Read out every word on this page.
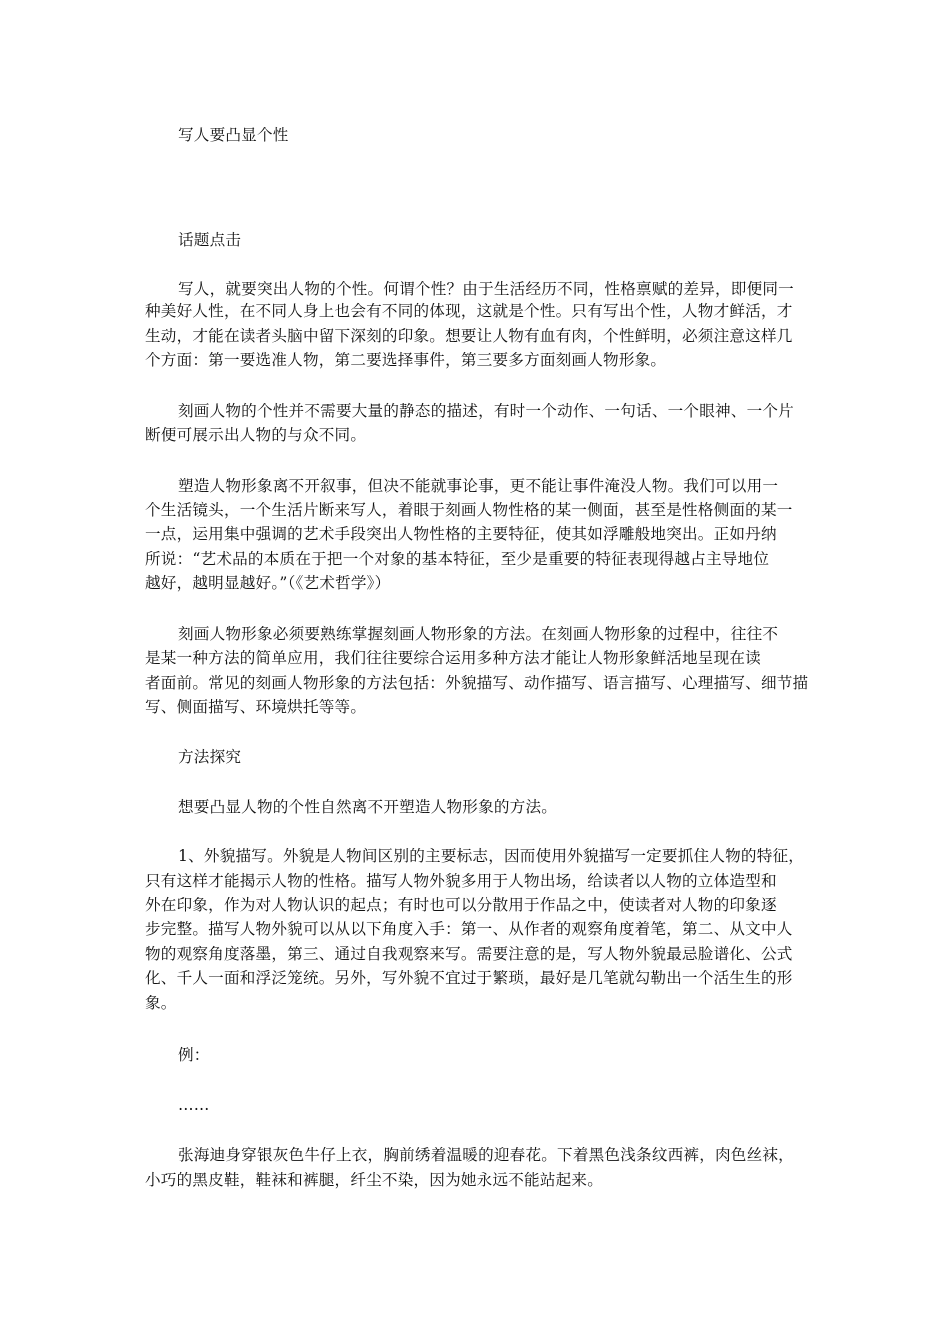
写人要凸显个性
话题点击
写人，就要突出人物的个性。何谓个性？由于生活经历不同，性格禀赋的差异，即便同一
种美好人性，在不同人身上也会有不同的体现，这就是个性。只有写出个性，人物才鲜活，才
生动，才能在读者头脑中留下深刻的印象。想要让人物有血有肉，个性鲜明，必须注意这样几
个方面：第一要选准人物，第二要选择事件，第三要多方面刻画人物形象。
刻画人物的个性并不需要大量的静态的描述，有时一个动作、一句话、一个眼神、一个片
断便可展示出人物的与众不同。
塑造人物形象离不开叙事，但决不能就事论事，更不能让事件淹没人物。我们可以用一
个生活镜头，一个生活片断来写人，着眼于刻画人物性格的某一侧面，甚至是性格侧面的某一
一点，运用集中强调的艺术手段突出人物性格的主要特征，使其如浮雕般地突出。正如丹纳
所说：“艺术品的本质在于把一个对象的基本特征，至少是重要的特征表现得越占主导地位
越好，越明显越好。”（《艺术哲学》）
刻画人物形象必须要熟练掌握刻画人物形象的方法。在刻画人物形象的过程中，往往不
是某一种方法的简单应用，我们往往要综合运用多种方法才能让人物形象鲜活地呈现在读
者面前。常见的刻画人物形象的方法包括：外貌描写、动作描写、语言描写、心理描写、细节描
写、侧面描写、环境烘托等等。
方法探究
想要凸显人物的个性自然离不开塑造人物形象的方法。
1、外貌描写。外貌是人物间区别的主要标志，因而使用外貌描写一定要抓住人物的特征，
只有这样才能揭示人物的性格。描写人物外貌多用于人物出场，给读者以人物的立体造型和
外在印象，作为对人物认识的起点；有时也可以分散用于作品之中，使读者对人物的印象逐
步完整。描写人物外貌可以从以下角度入手：第一、从作者的观察角度着笔，第二、从文中人
物的观察角度落墨，第三、通过自我观察来写。需要注意的是，写人物外貌最忌脸谱化、公式
化、千人一面和浮泛笼统。另外，写外貌不宜过于繁琐，最好是几笔就勾勒出一个活生生的形
象。
例：
……
张海迪身穿银灰色牛仔上衣，胸前绣着温暖的迎春花。下着黑色浅条纹西裤，肉色丝袜，
小巧的黑皮鞋，鞋袜和裤腿，纤尘不染，因为她永远不能站起来。
